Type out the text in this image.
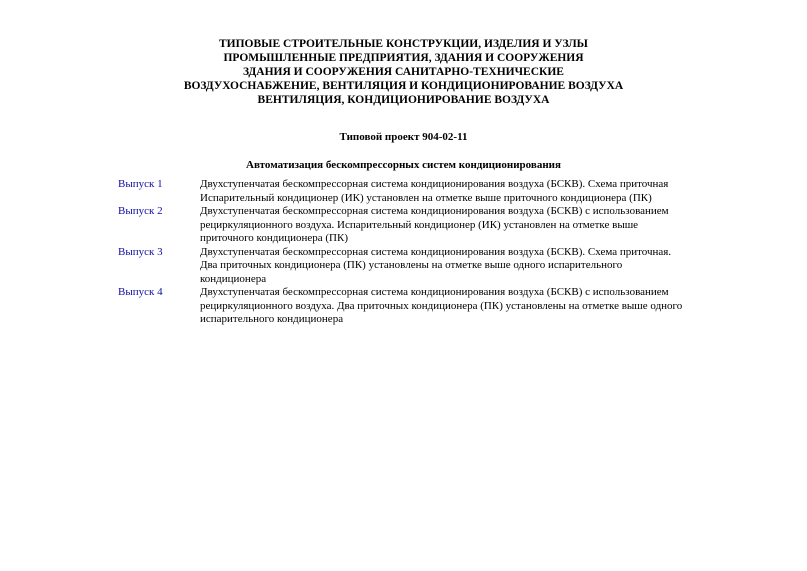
ТИПОВЫЕ СТРОИТЕЛЬНЫЕ КОНСТРУКЦИИ, ИЗДЕЛИЯ И УЗЛЫ
ПРОМЫШЛЕННЫЕ ПРЕДПРИЯТИЯ, ЗДАНИЯ И СООРУЖЕНИЯ
ЗДАНИЯ И СООРУЖЕНИЯ САНИТАРНО-ТЕХНИЧЕСКИЕ
ВОЗДУХОСНАБЖЕНИЕ, ВЕНТИЛЯЦИЯ И КОНДИЦИОНИРОВАНИЕ ВОЗДУХА
ВЕНТИЛЯЦИЯ, КОНДИЦИОНИРОВАНИЕ ВОЗДУХА
Типовой проект 904-02-11
Автоматизация бескомпрессорных систем кондиционирования
Выпуск 1	Двухступенчатая бескомпрессорная система кондиционирования воздуха (БСКВ). Схема приточная
Испарительный кондиционер (ИК) установлен на отметке выше приточного кондиционера (ПК)
Выпуск 2	Двухступенчатая бескомпрессорная система кондиционирования воздуха (БСКВ) с использованием
рециркуляционного воздуха. Испарительный кондиционер (ИК) установлен на отметке выше
приточного кондиционера (ПК)
Выпуск 3	Двухступенчатая бескомпрессорная система кондиционирования воздуха (БСКВ). Схема приточная.
Два приточных кондиционера (ПК) установлены на отметке выше одного испарительного
кондиционера
Выпуск 4	Двухступенчатая бескомпрессорная система кондиционирования воздуха (БСКВ) с использованием
рециркуляционного воздуха. Два приточных кондиционера (ПК) установлены на отметке выше одного
испарительного кондиционера
